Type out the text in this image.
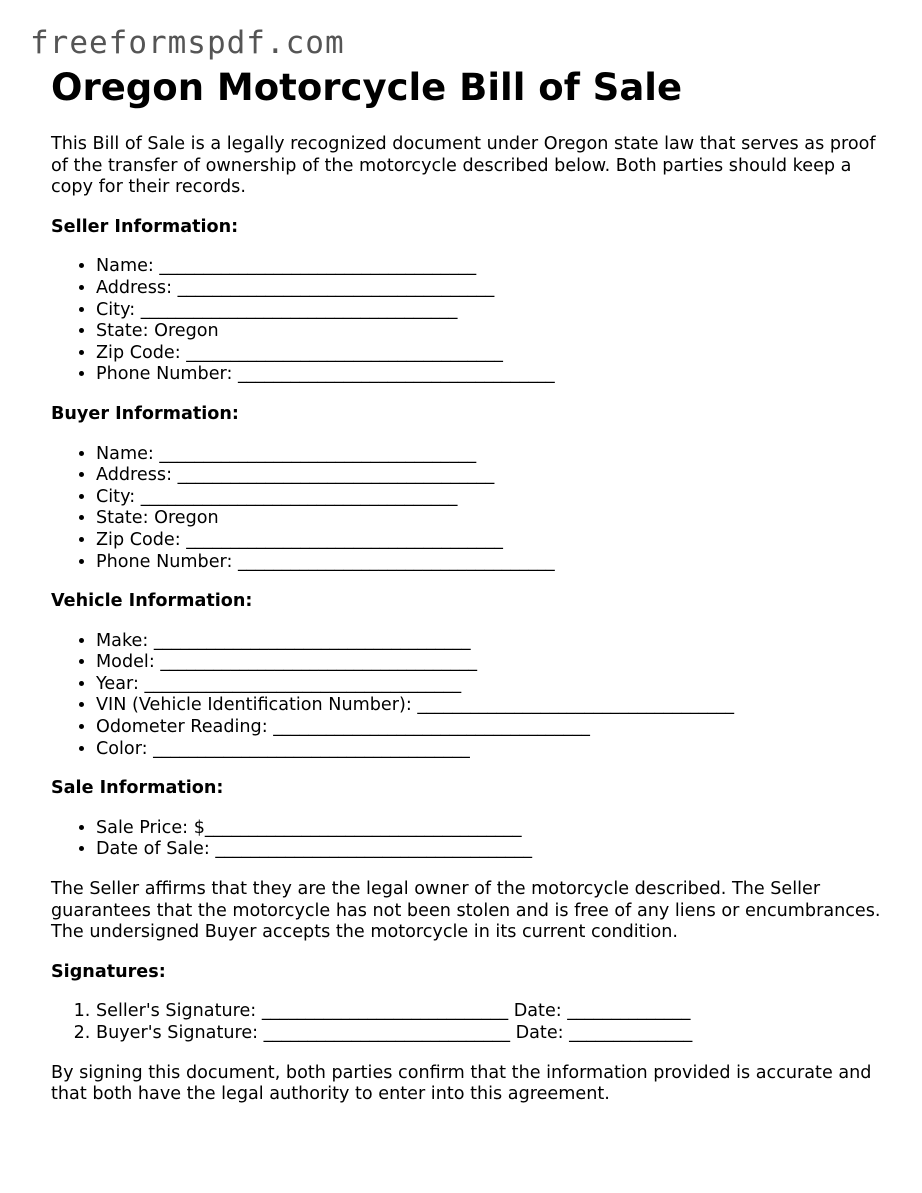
freeformspdf.com
Oregon Motorcycle Bill of Sale

This Bill of Sale is a legally recognized document under Oregon state law that serves as proof of the transfer of ownership of the motorcycle described below. Both parties should keep a copy for their records.

Seller Information:
• Name: ____________________________________
• Address: ____________________________________
• City: ____________________________________
• State: Oregon
• Zip Code: ____________________________________
• Phone Number: ____________________________________
Buyer Information:
• Name: ____________________________________
• Address: ____________________________________
• City: ____________________________________
• State: Oregon
• Zip Code: ____________________________________
• Phone Number: ____________________________________
Vehicle Information:
• Make: ____________________________________
• Model: ____________________________________
• Year: ____________________________________
• VIN (Vehicle Identification Number): ____________________________________
• Odometer Reading: ____________________________________
• Color: ____________________________________
Sale Information:
• Sale Price: $____________________________________
• Date of Sale: ____________________________________

The Seller affirms that they are the legal owner of the motorcycle described. The Seller guarantees that the motorcycle has not been stolen and is free of any liens or encumbrances. The undersigned Buyer accepts the motorcycle in its current condition.

Signatures:
1. Seller's Signature: ____________________________ Date: ______________
2. Buyer's Signature: ____________________________ Date: ______________

By signing this document, both parties confirm that the information provided is accurate and that both have the legal authority to enter into this agreement.
